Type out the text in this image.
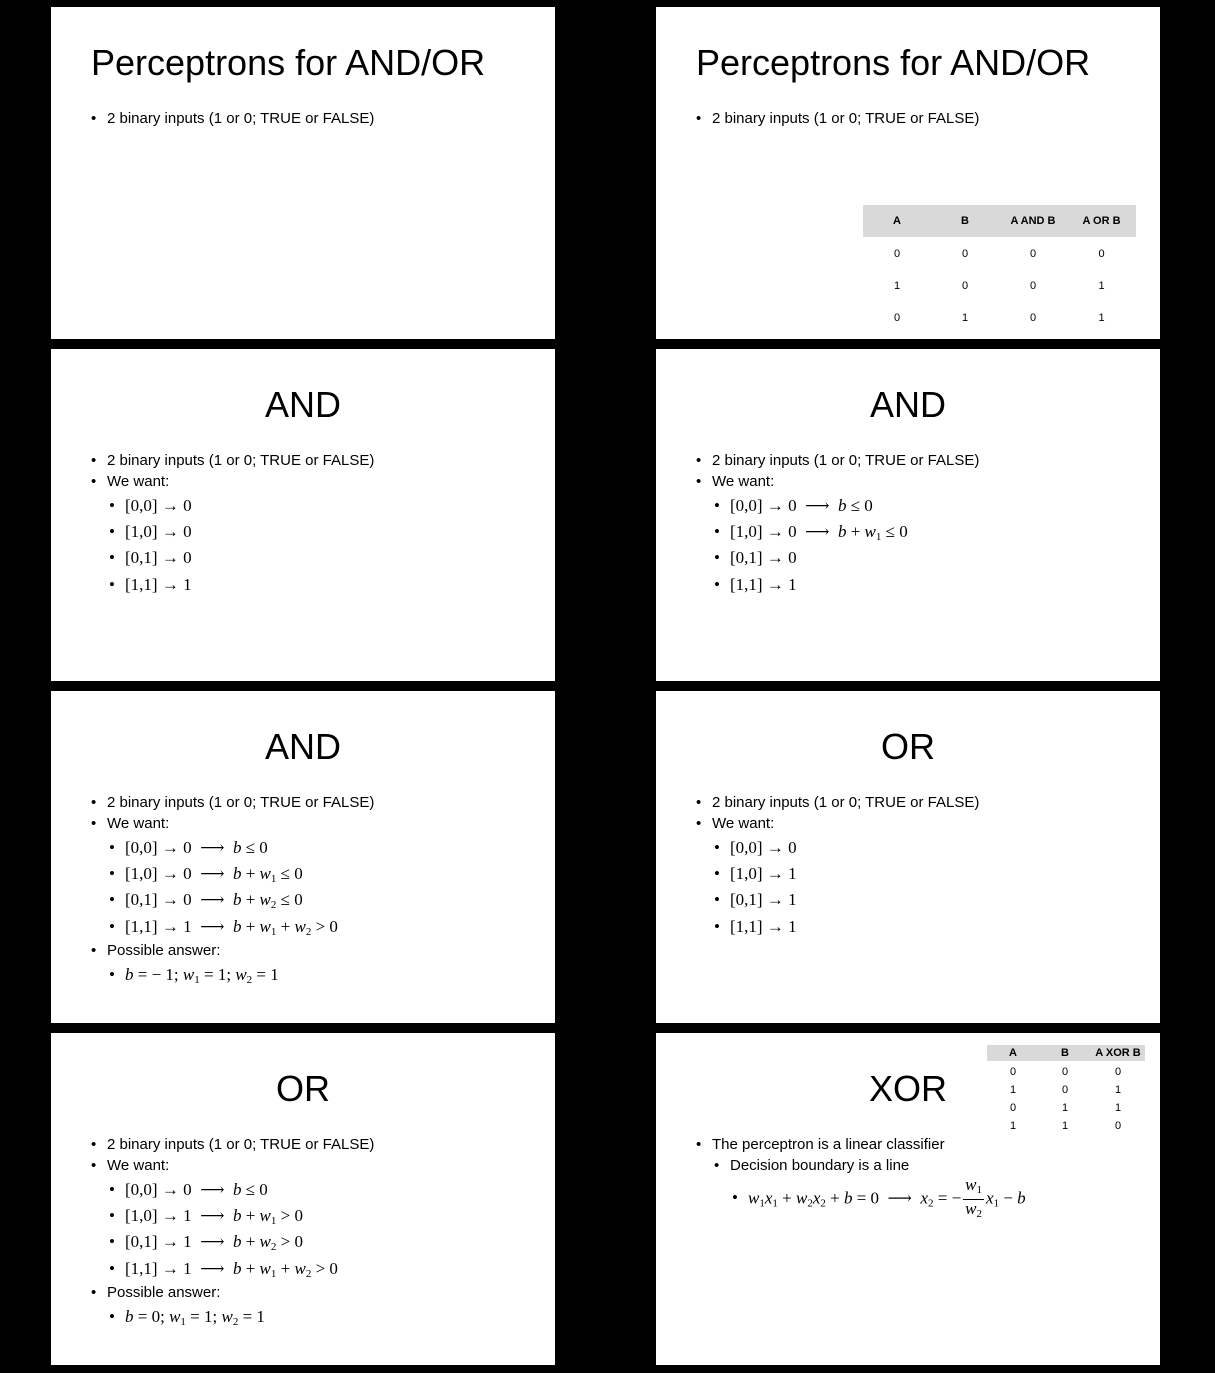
Perceptrons for AND/OR
• 2 binary inputs (1 or 0; TRUE or FALSE)
Perceptrons for AND/OR
• 2 binary inputs (1 or 0; TRUE or FALSE)
A	B	A AND B	A OR B
0	0	0	0
1	0	0	1
0	1	0	1
AND
• 2 binary inputs (1 or 0; TRUE or FALSE)
• We want:
• [0,0] → 0
• [1,0] → 0
• [0,1] → 0
• [1,1] → 1
AND
• 2 binary inputs (1 or 0; TRUE or FALSE)
• We want:
• [0,0] → 0  ⟶  b ≤ 0
• [1,0] → 0  ⟶  $b + w_1 \le 0$
• [0,1] → 0
• [1,1] → 1
AND
• 2 binary inputs (1 or 0; TRUE or FALSE)
• We want:
• [0,0] → 0  ⟶  b ≤ 0
• [1,0] → 0  ⟶  $b + w_1 \le 0$
• [0,1] → 0  ⟶  $b + w_2 \le 0$
• [1,1] → 1  ⟶  $b + w_1 + w_2 > 0$
• Possible answer:
• b = − 1; $w_1 = 1$; $w_2 = 1$
OR
• 2 binary inputs (1 or 0; TRUE or FALSE)
• We want:
• [0,0] → 0
• [1,0] → 1
• [0,1] → 1
• [1,1] → 1
OR
• 2 binary inputs (1 or 0; TRUE or FALSE)
• We want:
• [0,0] → 0  ⟶  b ≤ 0
• [1,0] → 1  ⟶  $b + w_1 > 0$
• [0,1] → 1  ⟶  $b + w_2 > 0$
• [1,1] → 1  ⟶  $b + w_1 + w_2 > 0$
• Possible answer:
• b = 0; $w_1 = 1$; $w_2 = 1$
XOR
A	B	A XOR B
0	0	0
1	0	1
0	1	1
1	1	0
• The perceptron is a linear classifier
• Decision boundary is a line
• $w_1x_1 + w_2x_2 + b = 0$  ⟶  $x_2$ = − $\frac{w_1}{w_2} x_1 - b$
